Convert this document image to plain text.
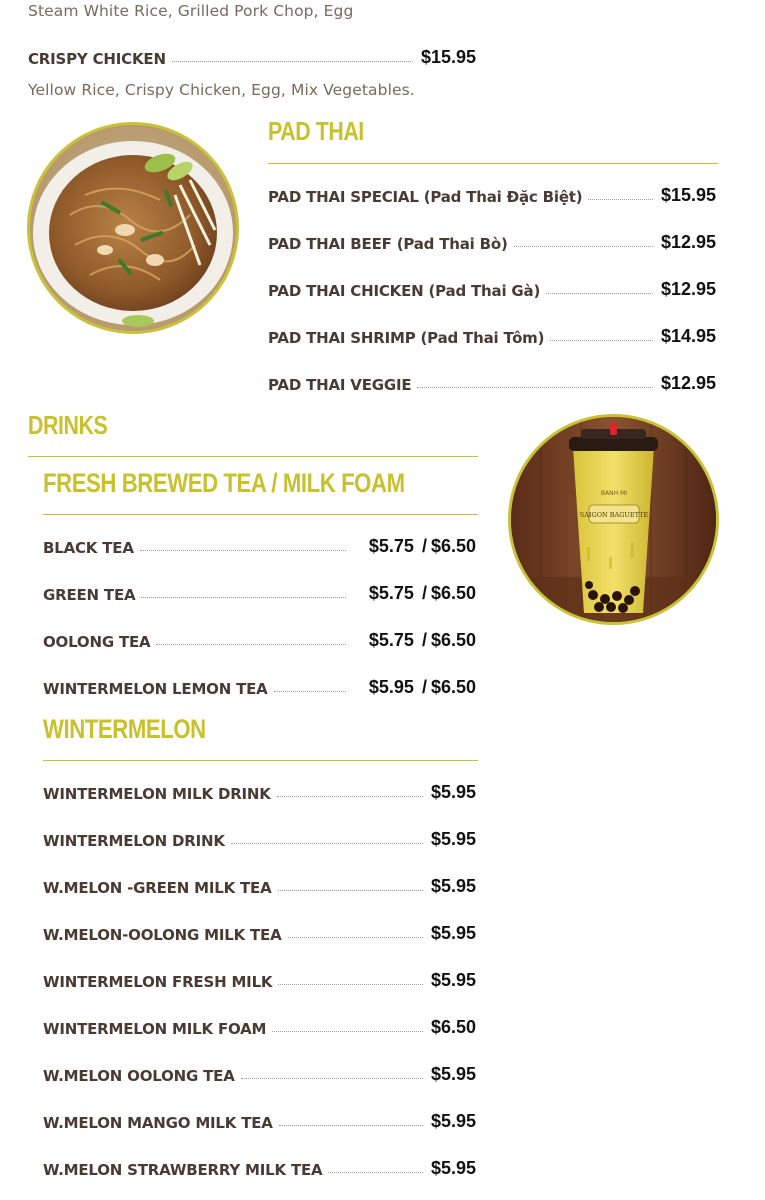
Steam White Rice, Grilled Pork Chop, Egg
CRISPY CHICKEN	$15.95
Yellow Rice, Crispy Chicken, Egg, Mix Vegetables.
PAD THAI
PAD THAI SPECIAL (Pad Thai Đặc Biệt)	$15.95
PAD THAI BEEF (Pad Thai Bò)	$12.95
PAD THAI CHICKEN (Pad Thai Gà)	$12.95
PAD THAI SHRIMP (Pad Thai Tôm)	$14.95
PAD THAI VEGGIE	$12.95
DRINKS
FRESH BREWED TEA / MILK FOAM
BLACK TEA	$5.75 / $6.50
GREEN TEA	$5.75 / $6.50
OOLONG TEA	$5.75 / $6.50
WINTERMELON LEMON TEA	$5.95 / $6.50
WINTERMELON
WINTERMELON MILK DRINK	$5.95
WINTERMELON DRINK	$5.95
W.MELON -GREEN MILK TEA	$5.95
W.MELON-OOLONG MILK TEA	$5.95
WINTERMELON FRESH MILK	$5.95
WINTERMELON MILK FOAM	$6.50
W.MELON OOLONG TEA	$5.95
W.MELON MANGO MILK TEA	$5.95
W.MELON STRAWBERRY MILK TEA	$5.95
BANH MI
SAIGON BAGUETTE
